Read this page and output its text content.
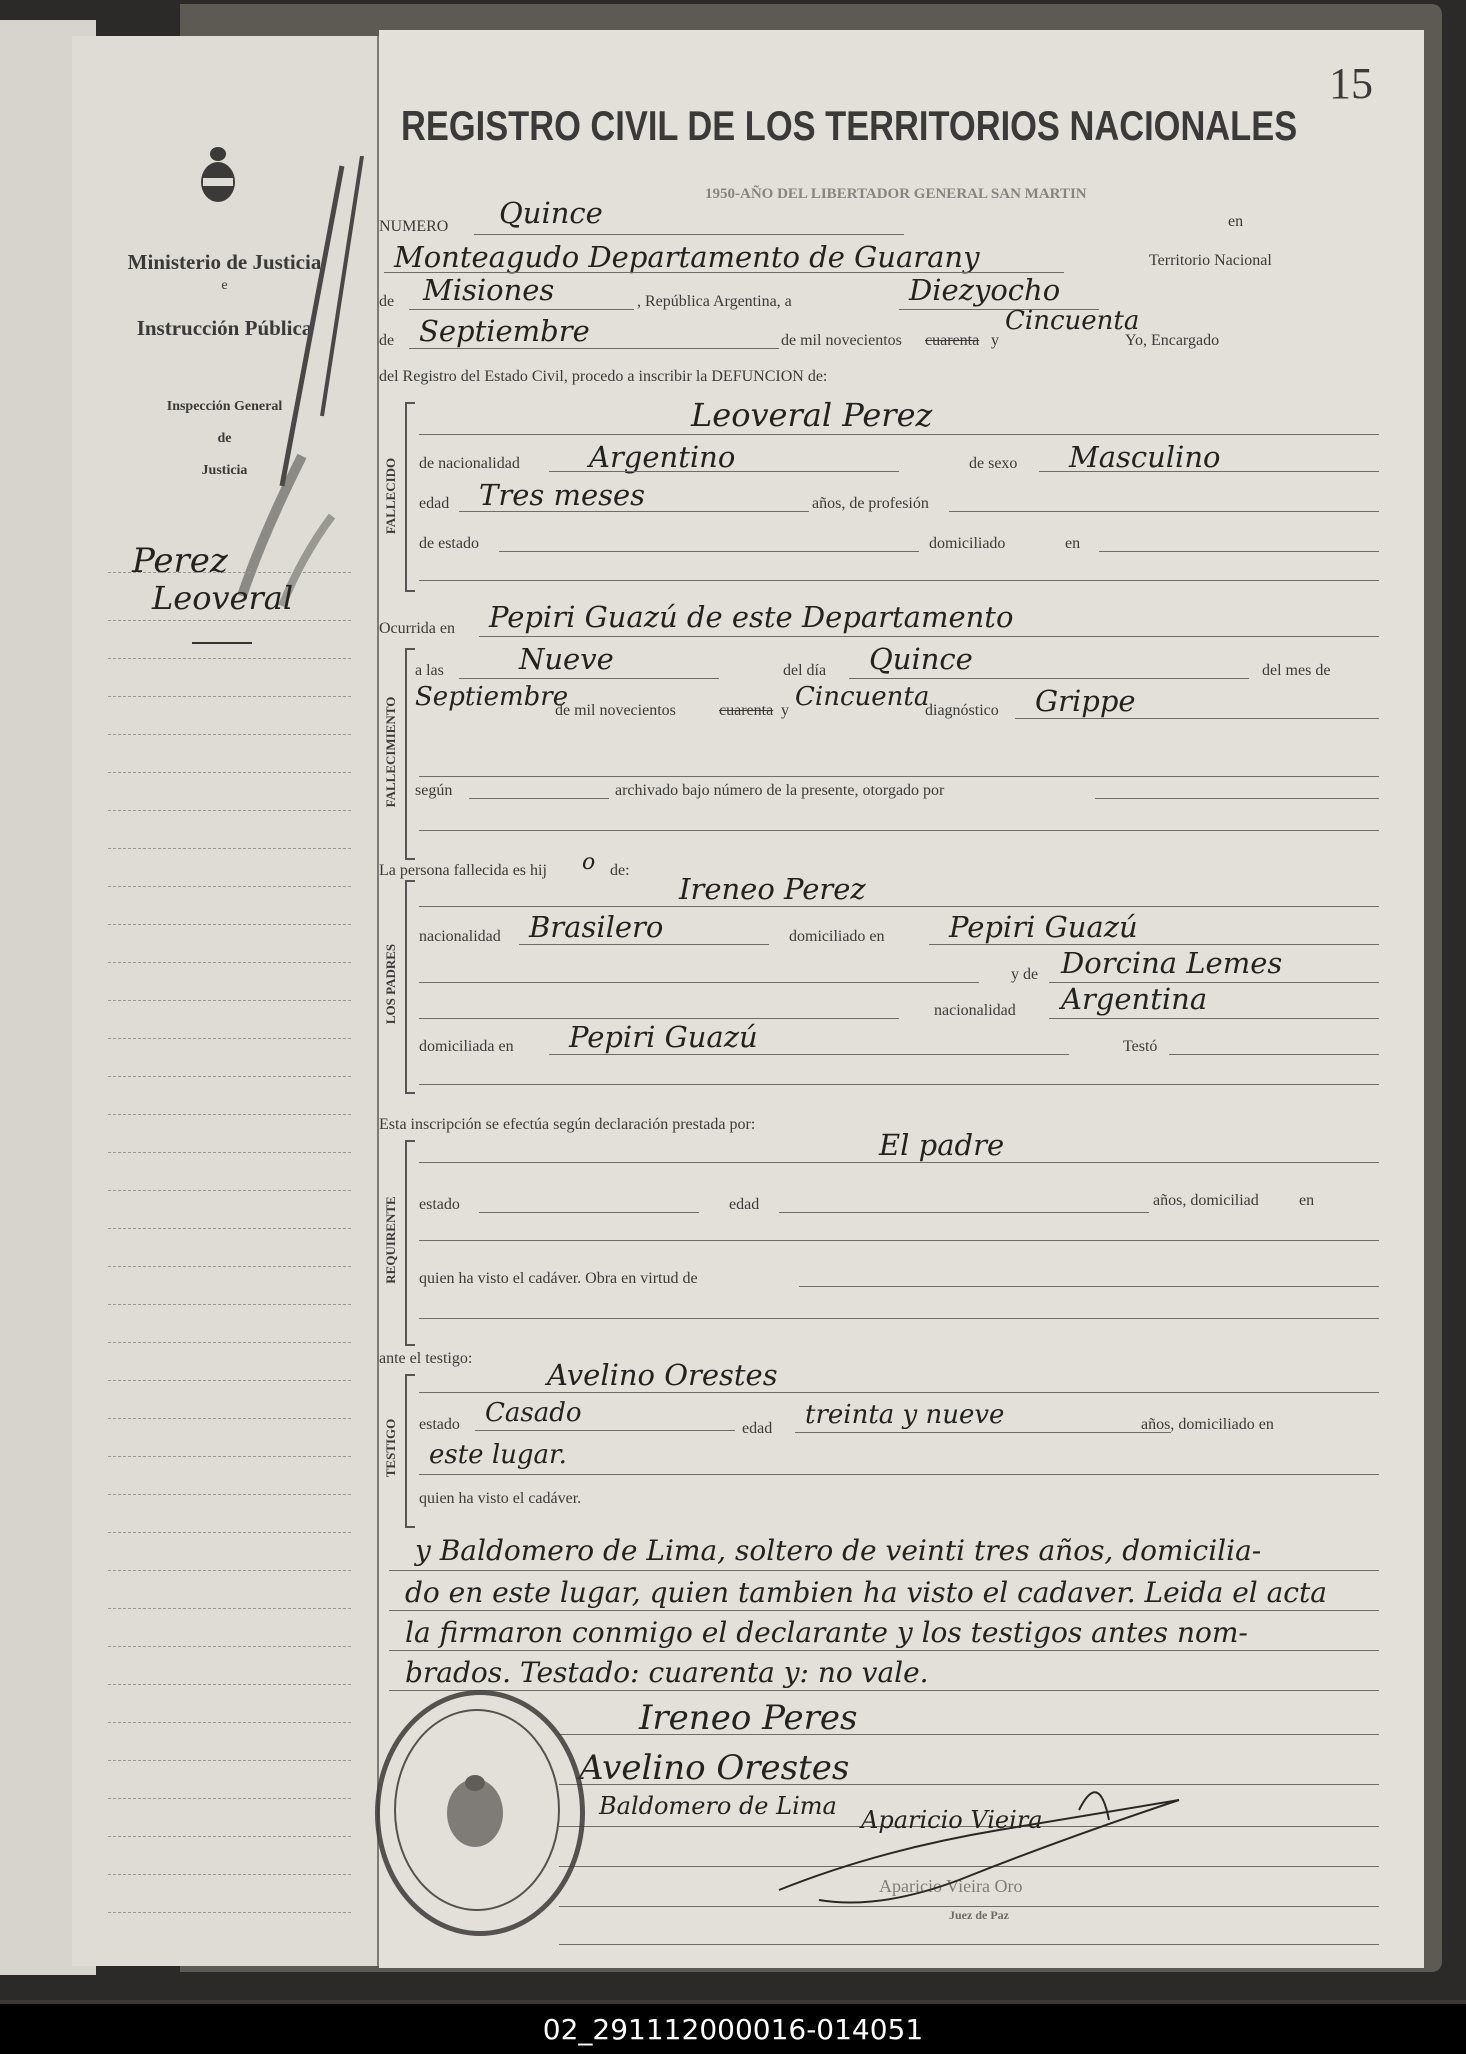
Ministerio de Justicia
e
Instrucción Pública
Inspección General
de
Justicia
Perez
Leoveral
15
REGISTRO CIVIL DE LOS TERRITORIOS NACIONALES
1950-AÑO DEL LIBERTADOR GENERAL SAN MARTIN
NUMERO Quince	en
Monteagudo Departamento de Guarany	Territorio Nacional
de Misiones	, República Argentina, a	Diezyocho
de Septiembre	de mil novecientos cuarenta y
Cincuenta
Yo, Encargado
del Registro del Estado Civil, procedo a inscribir la DEFUNCION de:
FALLECIDO
Leoveral Perez
de nacionalidad Argentino	de sexo Masculino
edad Tres meses	años, de profesión
de estado	domiciliado	en
Ocurrida en Pepiri Guazú de este Departamento
FALLECIMIENTO
a las	Nueve	del día Quince	del mes de
Septiembre
de mil novecientos	cuarenta y Cincuenta
diagnóstico Grippe
según	archivado bajo número de la presente, otorgado por
La persona fallecida es hij o de:
LOS PADRES
Ireneo Perez
nacionalidad Brasilero	domiciliado en Pepiri Guazú
y de Dorcina Lemes
nacionalidad Argentina
domiciliada en Pepiri Guazú	Testó
Esta inscripción se efectúa según declaración prestada por:
REQUIRENTE
El padre
estado	edad	años, domiciliad	en
quien ha visto el cadáver. Obra en virtud de
ante el testigo:
TESTIGO
Avelino Orestes
estado Casado
edad treinta y nueve	años, domiciliado en
este lugar.
quien ha visto el cadáver.
y Baldomero de Lima, soltero de veinti tres años, domicilia-
do en este lugar, quien tambien ha visto el cadaver. Leida el acta
la firmaron conmigo el declarante y los testigos antes nom-
brados. Testado: cuarenta y: no vale.
Ireneo Peres
Avelino Orestes
Baldomero de Lima Aparicio Vieira
Aparicio Vieira Oro
Juez de Paz
02_291112000016-014051
